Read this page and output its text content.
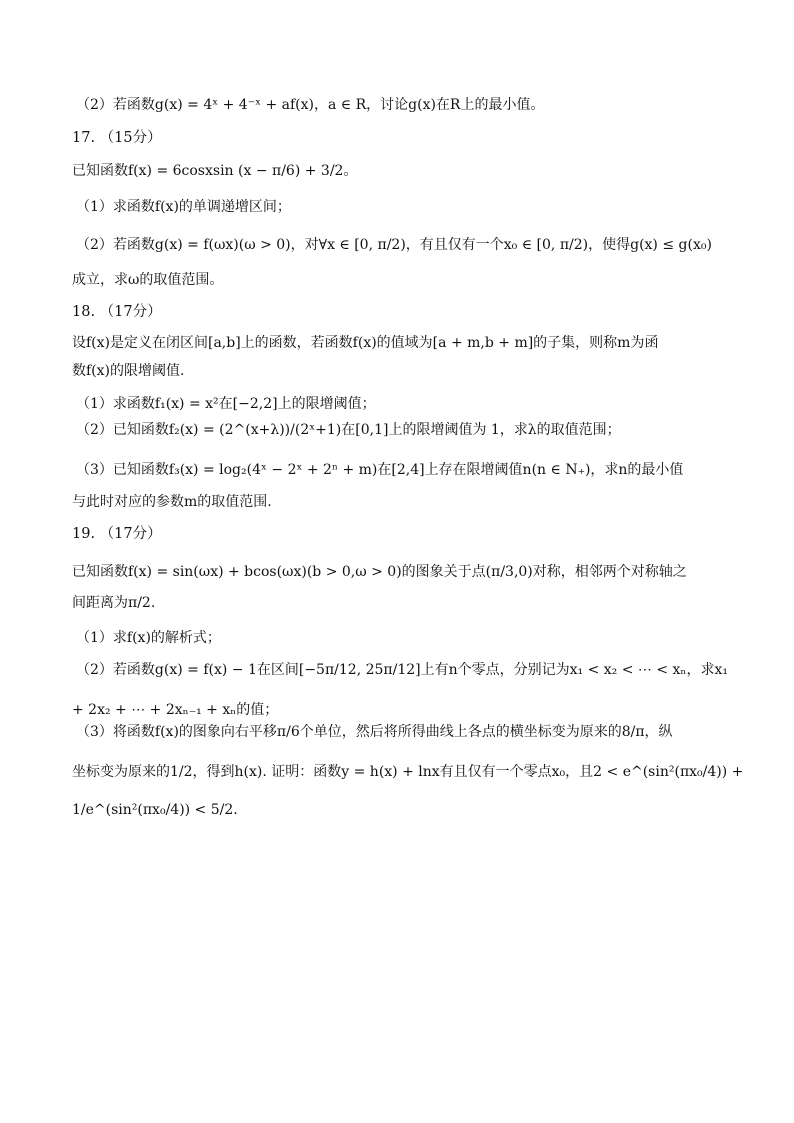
（2）若函数g(x) = 4ˣ + 4⁻ˣ + af(x)，a ∈ R，讨论g(x)在R上的最小值。
17. （15分）
已知函数f(x) = 6cosxsin (x − π/6) + 3/2。
（1）求函数f(x)的单调递增区间；
（2）若函数g(x) = f(ωx)(ω > 0)，对∀x ∈ [0, π/2)，有且仅有一个x₀ ∈ [0, π/2)，使得g(x) ≤ g(x₀)
成立，求ω的取值范围。
18. （17分）
设f(x)是定义在闭区间[a,b]上的函数，若函数f(x)的值域为[a + m,b + m]的子集，则称m为函
数f(x)的限增阈值.
（1）求函数f₁(x) = x²在[−2,2]上的限增阈值；
（2）已知函数f₂(x) = (2^(x+λ))/(2ˣ+1)在[0,1]上的限增阈值为 1，求λ的取值范围；
（3）已知函数f₃(x) = log₂(4ˣ − 2ˣ + 2ⁿ + m)在[2,4]上存在限增阈值n(n ∈ N₊)，求n的最小值
与此时对应的参数m的取值范围.
19. （17分）
已知函数f(x) = sin(ωx) + bcos(ωx)(b > 0,ω > 0)的图象关于点(π/3,0)对称，相邻两个对称轴之
间距离为π/2.
（1）求f(x)的解析式；
（2）若函数g(x) = f(x) − 1在区间[−5π/12, 25π/12]上有n个零点，分别记为x₁ < x₂ < ⋯ < xₙ，求x₁
+ 2x₂ + ⋯ + 2xₙ₋₁ + xₙ的值；
（3）将函数f(x)的图象向右平移π/6个单位，然后将所得曲线上各点的横坐标变为原来的8/π，纵
坐标变为原来的1/2，得到h(x). 证明：函数y = h(x) + lnx有且仅有一个零点x₀，且2 < e^(sin²(πx₀/4)) +
1/e^(sin²(πx₀/4)) < 5/2.
